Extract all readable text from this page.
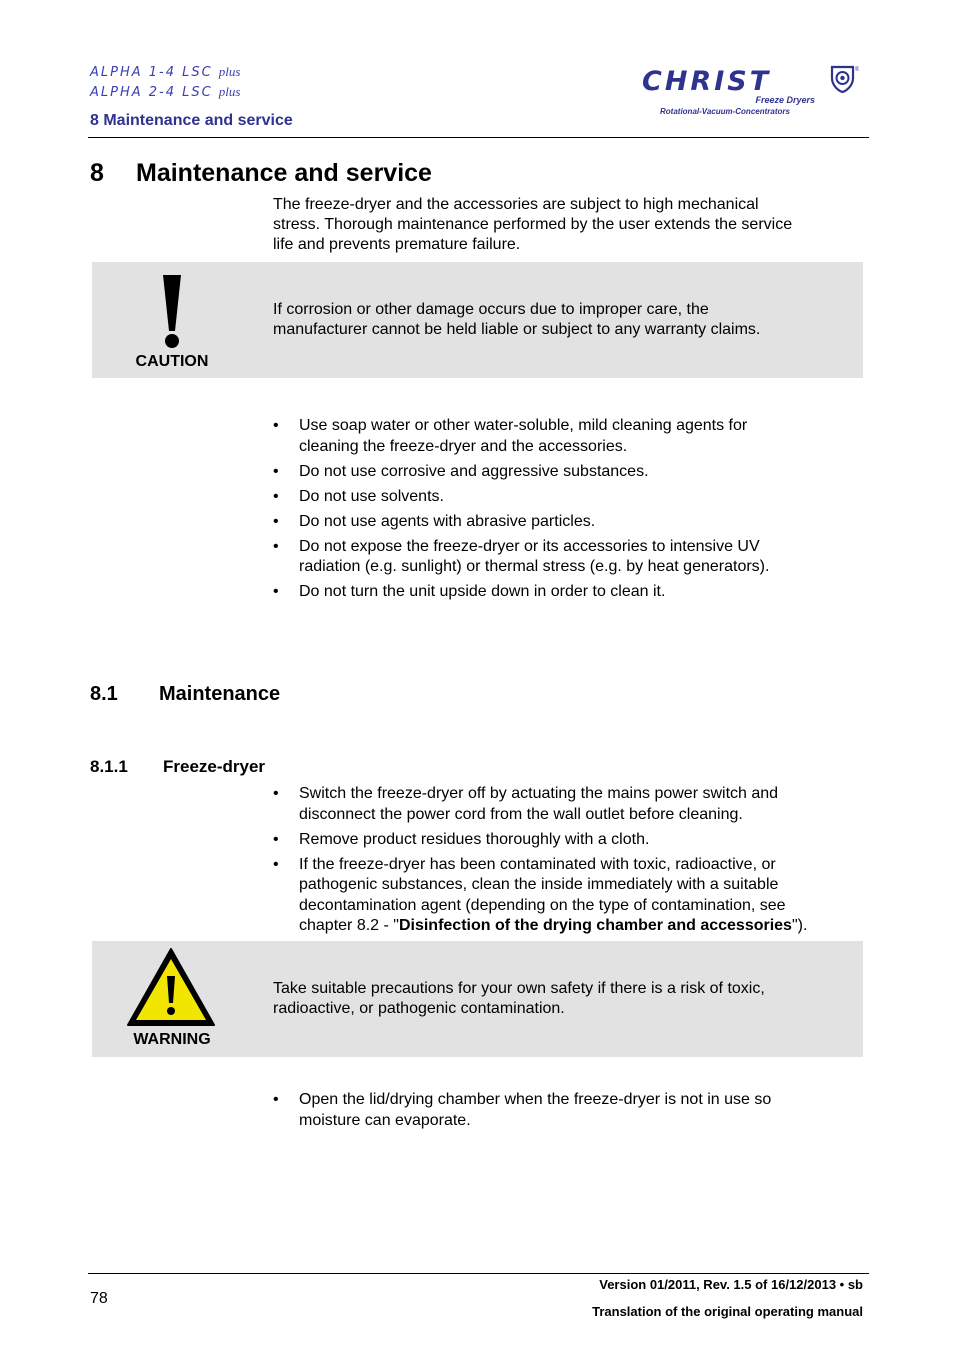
ALPHA 1-4 LSC plus
ALPHA 2-4 LSC plus
8 Maintenance and service
CHRIST	®
Freeze Dryers
Rotational-Vacuum-Concentrators
8 Maintenance and service
The freeze-dryer and the accessories are subject to high mechanical
stress. Thorough maintenance performed by the user extends the service
life and prevents premature failure.
CAUTION
If corrosion or other damage occurs due to improper care, the
manufacturer cannot be held liable or subject to any warranty claims.
• Use soap water or other water-soluble, mild cleaning agents for
cleaning the freeze-dryer and the accessories.
• Do not use corrosive and aggressive substances.
• Do not use solvents.
• Do not use agents with abrasive particles.
• Do not expose the freeze-dryer or its accessories to intensive UV
radiation (e.g. sunlight) or thermal stress (e.g. by heat generators).
• Do not turn the unit upside down in order to clean it.
8.1 Maintenance
8.1.1 Freeze-dryer
• Switch the freeze-dryer off by actuating the mains power switch and
disconnect the power cord from the wall outlet before cleaning.
• Remove product residues thoroughly with a cloth.
• If the freeze-dryer has been contaminated with toxic, radioactive, or
pathogenic substances, clean the inside immediately with a suitable
decontamination agent (depending on the type of contamination, see
chapter 8.2 - "Disinfection of the drying chamber and accessories").
WARNING
Take suitable precautions for your own safety if there is a risk of toxic,
radioactive, or pathogenic contamination.
• Open the lid/drying chamber when the freeze-dryer is not in use so
moisture can evaporate.
78
Version 01/2011, Rev. 1.5 of 16/12/2013 • sb
Translation of the original operating manual
